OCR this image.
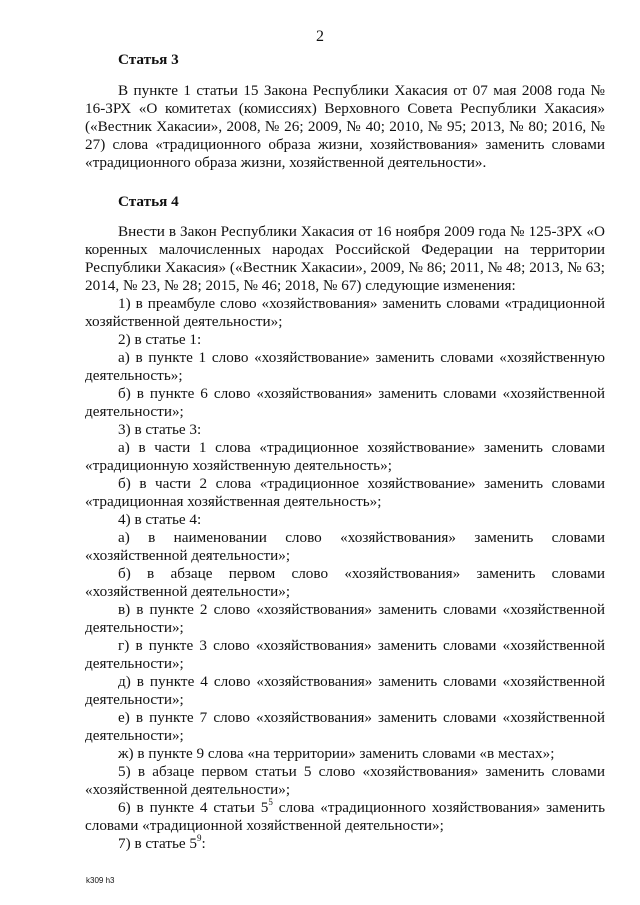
2

Статья 3

В пункте 1 статьи 15 Закона Республики Хакасия от 07 мая 2008 года № 16-ЗРХ «О комитетах (комиссиях) Верховного Совета Республики Хакасия» («Вестник Хакасии», 2008, № 26; 2009, № 40; 2010, № 95; 2013, № 80; 2016, № 27) слова «традиционного образа жизни, хозяйствования» заменить словами «традиционного образа жизни, хозяйственной деятельности».

Статья 4

Внести в Закон Республики Хакасия от 16 ноября 2009 года № 125-ЗРХ «О коренных малочисленных народах Российской Федерации на территории Республики Хакасия» («Вестник Хакасии», 2009, № 86; 2011, № 48; 2013, № 63; 2014, № 23, № 28; 2015, № 46; 2018, № 67) следующие изменения:

1) в преамбуле слово «хозяйствования» заменить словами «традиционной хозяйственной деятельности»;

2) в статье 1:

а) в пункте 1 слово «хозяйствование» заменить словами «хозяйственную деятельность»;

б) в пункте 6 слово «хозяйствования» заменить словами «хозяйственной деятельности»;

3) в статье 3:

а) в части 1 слова «традиционное хозяйствование» заменить словами «традиционную хозяйственную деятельность»;

б) в части 2 слова «традиционное хозяйствование» заменить словами «традиционная хозяйственная деятельность»;

4) в статье 4:

а) в наименовании слово «хозяйствования» заменить словами «хозяйственной деятельности»;

б) в абзаце первом слово «хозяйствования» заменить словами «хозяйственной деятельности»;

в) в пункте 2 слово «хозяйствования» заменить словами «хозяйственной деятельности»;

г) в пункте 3 слово «хозяйствования» заменить словами «хозяйственной деятельности»;

д) в пункте 4 слово «хозяйствования» заменить словами «хозяйственной деятельности»;

е) в пункте 7 слово «хозяйствования» заменить словами «хозяйственной деятельности»;

ж) в пункте 9 слова «на территории» заменить словами «в местах»;

5) в абзаце первом статьи 5 слово «хозяйствования» заменить словами «хозяйственной деятельности»;

6) в пункте 4 статьи $5^5$ слова «традиционного хозяйствования» заменить словами «традиционной хозяйственной деятельности»;

7) в статье $5^9$:

k309 h3
